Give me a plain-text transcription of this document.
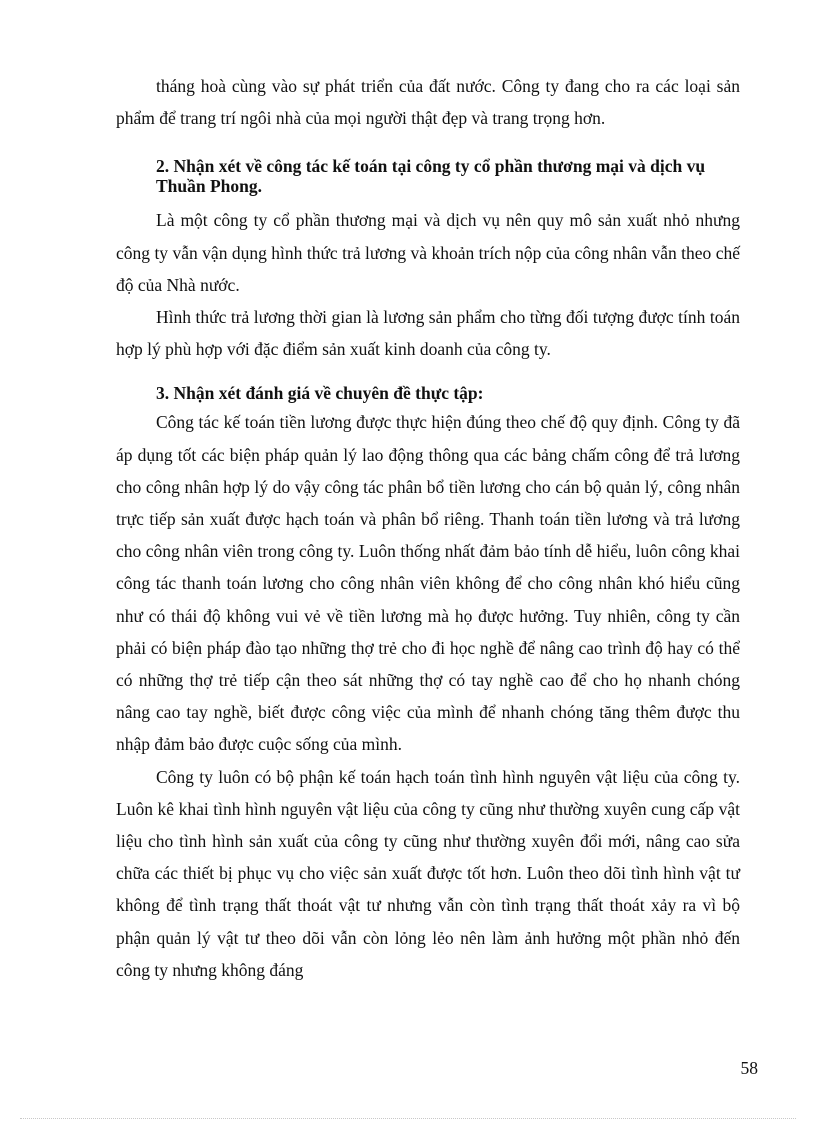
tháng hoà cùng vào sự phát triển của đất nước. Công ty đang cho ra các loại sản phẩm để trang trí ngôi nhà của mọi người thật đẹp và trang trọng hơn.

2. Nhận xét về công tác kế toán tại công ty cổ phần thương mại và dịch vụ Thuần Phong.

Là một công ty cổ phần thương mại và dịch vụ nên quy mô sản xuất nhỏ nhưng công ty vẫn vận dụng hình thức trả lương và khoản trích nộp của công nhân vẫn theo chế độ của Nhà nước.

Hình thức trả lương thời gian là lương sản phẩm cho từng đối tượng được tính toán hợp lý phù hợp với đặc điểm sản xuất kinh doanh của công ty.

3. Nhận xét đánh giá về chuyên đề thực tập:

Công tác kế toán tiền lương được thực hiện đúng theo chế độ quy định. Công ty đã áp dụng tốt các biện pháp quản lý lao động thông qua các bảng chấm công để trả lương cho công nhân hợp lý do vậy công tác phân bổ tiền lương cho cán bộ quản lý, công nhân trực tiếp sản xuất được hạch toán và phân bổ riêng. Thanh toán tiền lương và trả lương cho công nhân viên trong công ty. Luôn thống nhất đảm bảo tính dễ hiểu, luôn công khai công tác thanh toán lương cho công nhân viên không để cho công nhân khó hiểu cũng như có thái độ không vui vẻ về tiền lương mà họ được hưởng. Tuy nhiên, công ty cần phải có biện pháp đào tạo những thợ trẻ cho đi học nghề để nâng cao trình độ hay có thể có những thợ trẻ tiếp cận theo sát những thợ có tay nghề cao để cho họ nhanh chóng nâng cao tay nghề, biết được công việc của mình để nhanh chóng tăng thêm được thu nhập đảm bảo được cuộc sống của mình.

Công ty luôn có bộ phận kế toán hạch toán tình hình nguyên vật liệu của công ty. Luôn kê khai tình hình nguyên vật liệu của công ty cũng như thường xuyên cung cấp vật liệu cho tình hình sản xuất của công ty cũng như thường xuyên đổi mới, nâng cao sửa chữa các thiết bị phục vụ cho việc sản xuất được tốt hơn. Luôn theo dõi tình hình vật tư không để tình trạng thất thoát vật tư nhưng vẫn còn tình trạng thất thoát xảy ra vì bộ phận quản lý vật tư theo dõi vẫn còn lỏng lẻo nên làm ảnh hưởng một phần nhỏ đến công ty nhưng không đáng

58
